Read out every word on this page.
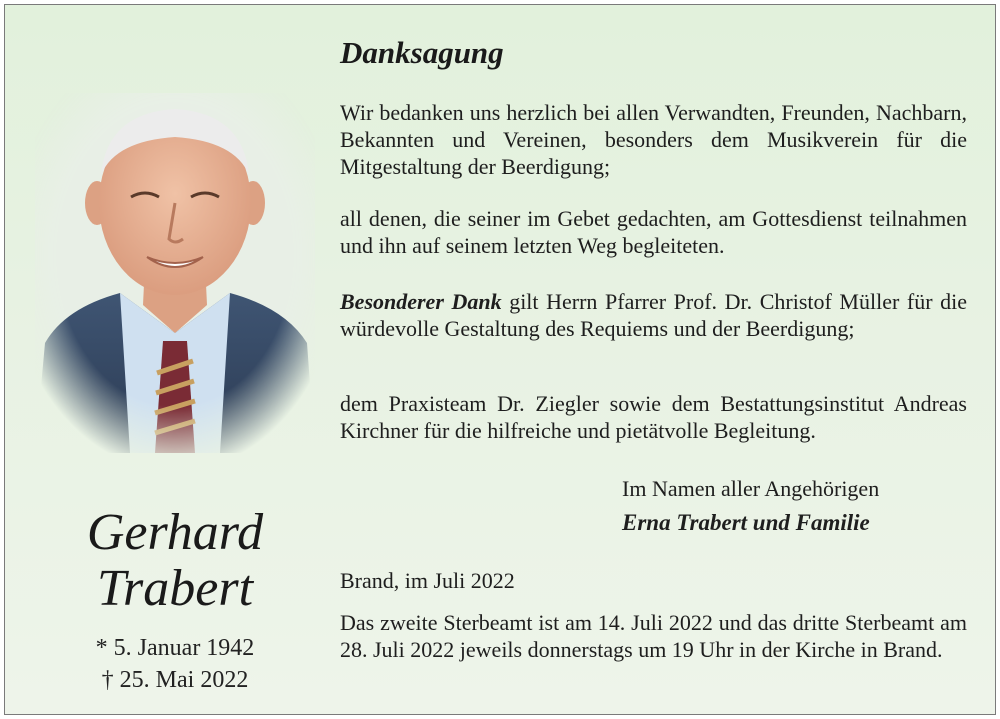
Gerhard
Trabert
* 5. Januar 1942
† 25. Mai 2022
Danksagung
Wir bedanken uns herzlich bei allen Verwandten, Freunden, Nachbarn, Bekannten und Vereinen, besonders dem Musikverein für die Mitgestaltung der Beerdigung;
all denen, die seiner im Gebet gedachten, am Gottesdienst teilnahmen und ihn auf seinem letzten Weg begleiteten.
Besonderer Dank gilt Herrn Pfarrer Prof. Dr. Christof Müller für die würdevolle Gestaltung des Requiems und der Beerdigung;
dem Praxisteam Dr. Ziegler sowie dem Bestattungsinstitut Andreas Kirchner für die hilfreiche und pietätvolle Begleitung.
Im Namen aller Angehörigen
Erna Trabert und Familie
Brand, im Juli 2022
Das zweite Sterbeamt ist am 14. Juli 2022 und das dritte Sterbeamt am 28. Juli 2022 jeweils donnerstags um 19 Uhr in der Kirche in Brand.
